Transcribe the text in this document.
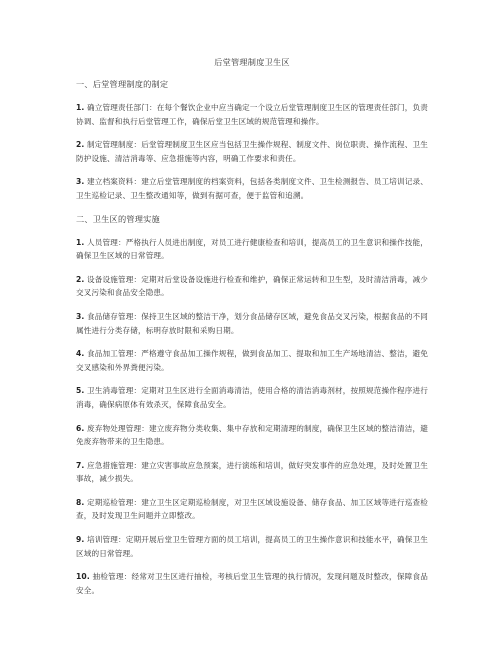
后堂管理制度卫生区
一、后堂管理制度的制定

1. 确立管理责任部门：在每个餐饮企业中应当确定一个设立后堂管理制度卫生区的管理责任部门，负责协调、监督和执行后堂管理工作，确保后堂卫生区域的规范管理和操作。

2. 制定管理制度：后堂管理制度卫生区应当包括卫生操作规程、制度文件、岗位职责、操作流程、卫生防护设施、清洁消毒等、应急措施等内容，明确工作要求和责任。

3. 建立档案资料：建立后堂管理制度的档案资料，包括各类制度文件、卫生检测报告、员工培训记录、卫生巡检记录、卫生整改通知等，做到有据可查，便于监管和追溯。

二、卫生区的管理实施

1. 人员管理：严格执行人员进出制度，对员工进行健康检查和培训，提高员工的卫生意识和操作技能，确保卫生区域的日常管理。

2. 设备设施管理：定期对后堂设备设施进行检查和维护，确保正常运转和卫生型，及时清洁消毒，减少交叉污染和食品安全隐患。

3. 食品储存管理：保持卫生区域的整洁干净，划分食品储存区域，避免食品交叉污染，根据食品的不同属性进行分类存储，标明存放时限和采购日期。

4. 食品加工管理：严格遵守食品加工操作规程，做到食品加工、提取和加工生产场地清洁、整洁，避免交叉感染和外界粪便污染。

5. 卫生消毒管理：定期对卫生区进行全面消毒清洁，使用合格的清洁消毒剂材，按照规范操作程序进行消毒，确保病原体有效杀灭，保障食品安全。

6. 废弃物处理管理：建立废弃物分类收集、集中存放和定期清理的制度，确保卫生区域的整洁清洁，避免废弃物带来的卫生隐患。

7. 应急措施管理：建立灾害事故应急预案，进行演练和培训，做好突发事件的应急处理，及时处置卫生事故，减少损失。

8. 定期巡检管理：建立卫生区定期巡检制度，对卫生区域设施设备、储存食品、加工区域等进行巡查检查，及时发现卫生问题并立即整改。

9. 培训管理：定期开展后堂卫生管理方面的员工培训，提高员工的卫生操作意识和技能水平，确保卫生区域的日常管理。

10. 抽检管理：经常对卫生区进行抽检，考核后堂卫生管理的执行情况，发现问题及时整改，保障食品安全。
